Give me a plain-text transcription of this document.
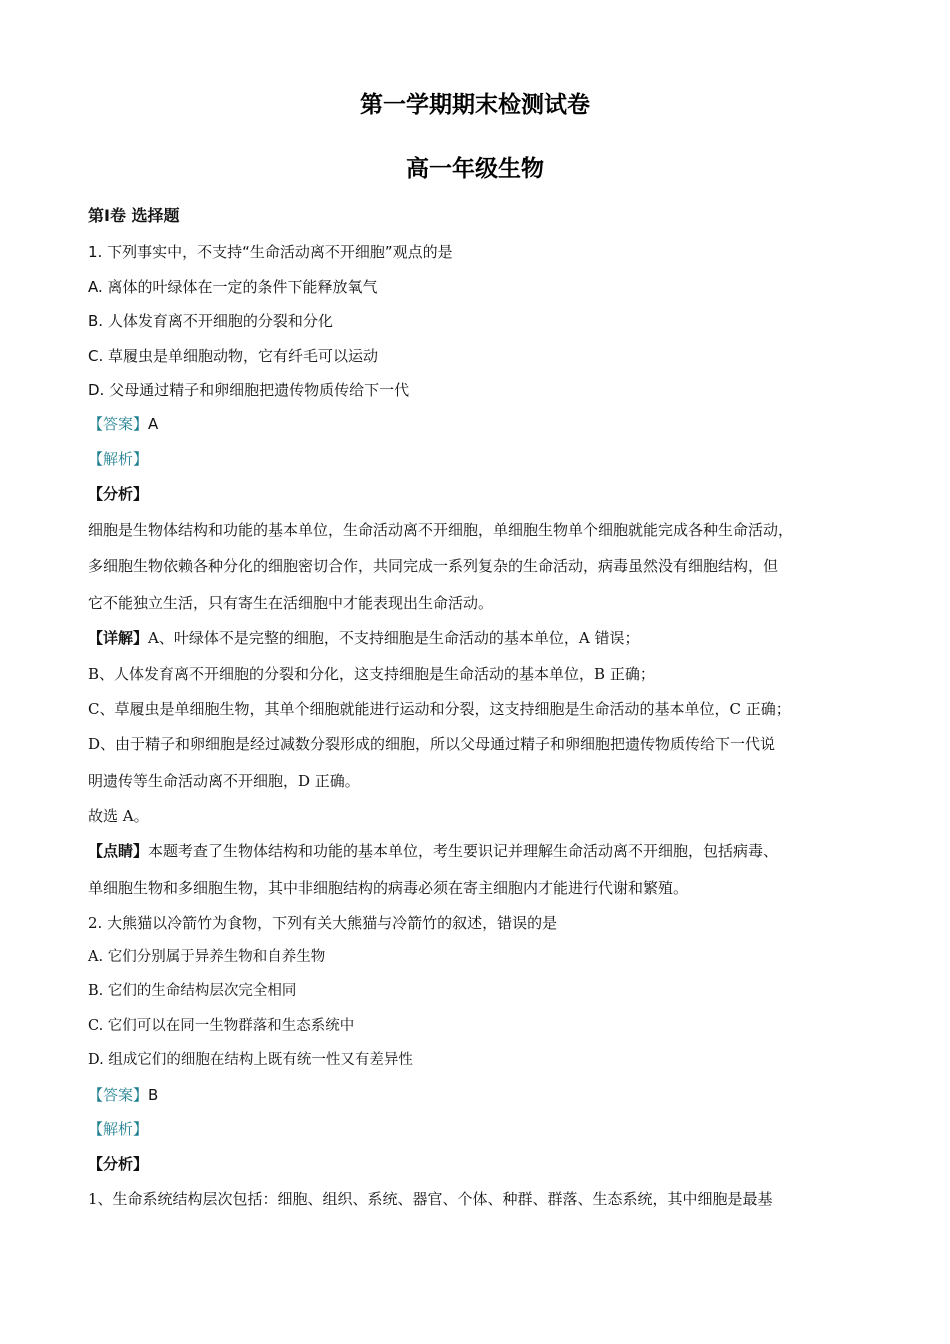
第一学期期末检测试卷
高一年级生物
第Ⅰ卷 选择题
1. 下列事实中，不支持“生命活动离不开细胞”观点的是
A. 离体的叶绿体在一定的条件下能释放氧气
B. 人体发育离不开细胞的分裂和分化
C. 草履虫是单细胞动物，它有纤毛可以运动
D. 父母通过精子和卵细胞把遗传物质传给下一代
【答案】A
【解析】
【分析】
细胞是生物体结构和功能的基本单位，生命活动离不开细胞，单细胞生物单个细胞就能完成各种生命活动，
多细胞生物依赖各种分化的细胞密切合作，共同完成一系列复杂的生命活动，病毒虽然没有细胞结构，但
它不能独立生活，只有寄生在活细胞中才能表现出生命活动。
【详解】A、叶绿体不是完整的细胞，不支持细胞是生命活动的基本单位，A 错误；
B、人体发育离不开细胞的分裂和分化，这支持细胞是生命活动的基本单位，B 正确；
C、草履虫是单细胞生物，其单个细胞就能进行运动和分裂，这支持细胞是生命活动的基本单位，C 正确；
D、由于精子和卵细胞是经过减数分裂形成的细胞，所以父母通过精子和卵细胞把遗传物质传给下一代说
明遗传等生命活动离不开细胞，D 正确。
故选 A。
【点睛】本题考查了生物体结构和功能的基本单位，考生要识记并理解生命活动离不开细胞，包括病毒、
单细胞生物和多细胞生物，其中非细胞结构的病毒必须在寄主细胞内才能进行代谢和繁殖。
2. 大熊猫以冷箭竹为食物，下列有关大熊猫与冷箭竹的叙述，错误的是
A. 它们分别属于异养生物和自养生物
B. 它们的生命结构层次完全相同
C. 它们可以在同一生物群落和生态系统中
D. 组成它们的细胞在结构上既有统一性又有差异性
【答案】B
【解析】
【分析】
1、生命系统结构层次包括：细胞、组织、系统、器官、个体、种群、群落、生态系统，其中细胞是最基
